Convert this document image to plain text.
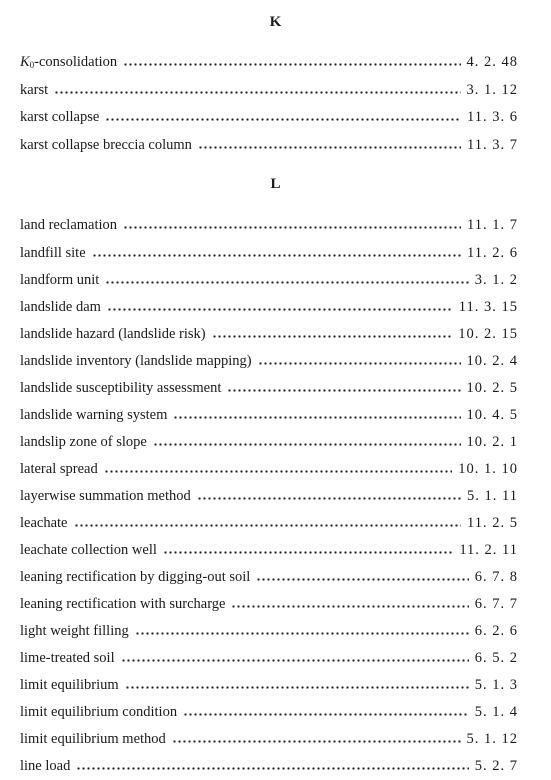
K
$K_0$-consolidation	4. 2. 48
karst	3. 1. 12
karst collapse	11. 3. 6
karst collapse breccia column	11. 3. 7
L
land reclamation	11. 1. 7
landfill site	11. 2. 6
landform unit	3. 1. 2
landslide dam	11. 3. 15
landslide hazard (landslide risk)	10. 2. 15
landslide inventory (landslide mapping)	10. 2. 4
landslide susceptibility assessment	10. 2. 5
landslide warning system	10. 4. 5
landslip zone of slope	10. 2. 1
lateral spread	10. 1. 10
layerwise summation method	5. 1. 11
leachate	11. 2. 5
leachate collection well	11. 2. 11
leaning rectification by digging-out soil	6. 7. 8
leaning rectification with surcharge	6. 7. 7
light weight filling	6. 2. 6
lime-treated soil	6. 5. 2
limit equilibrium	5. 1. 3
limit equilibrium condition	5. 1. 4
limit equilibrium method	5. 1. 12
line load	5. 2. 7
